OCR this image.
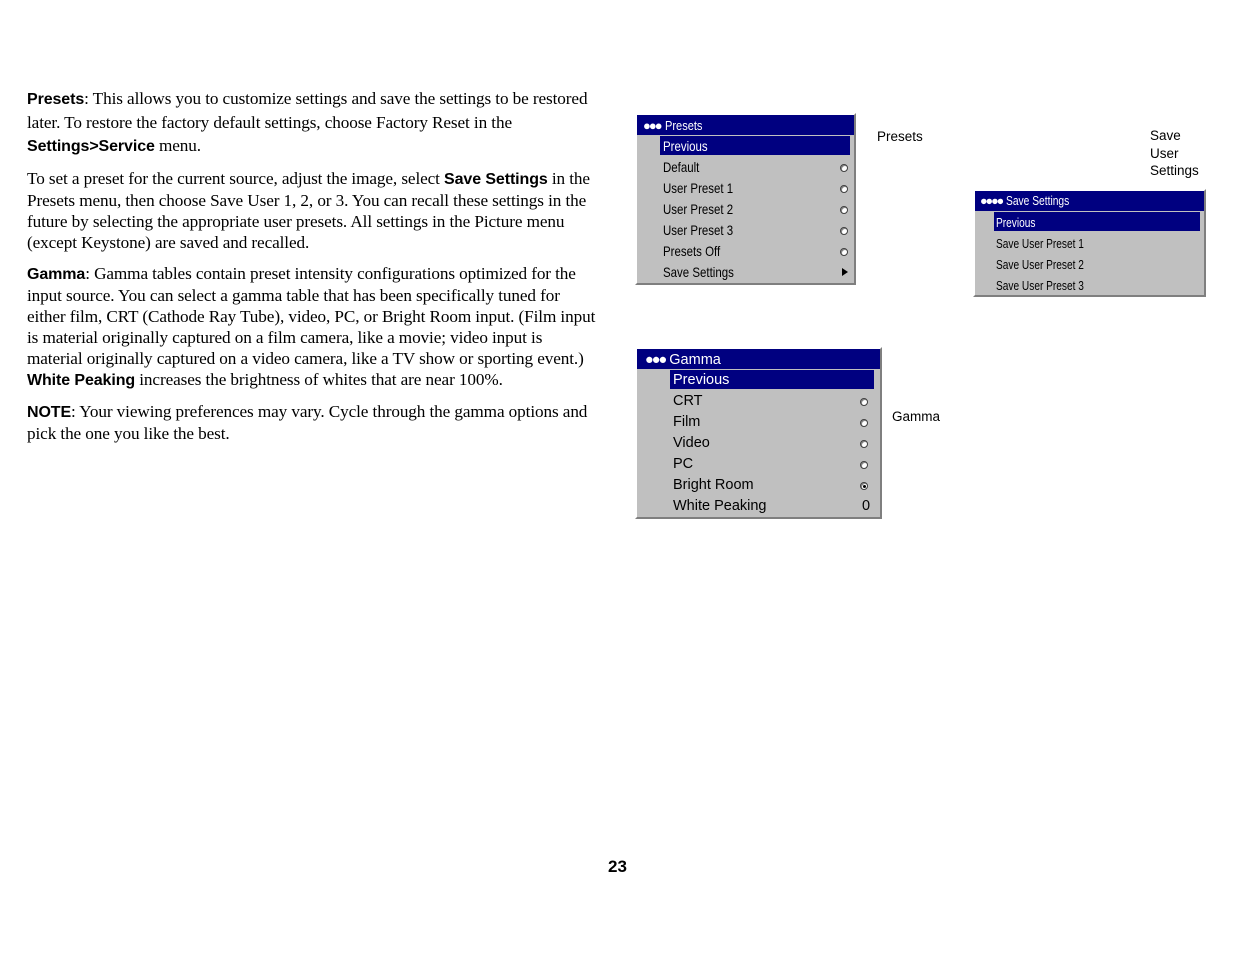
Presets: This allows you to customize settings and save the settings to be restored later. To restore the factory default settings, choose Factory Reset in the Settings>Service menu.

To set a preset for the current source, adjust the image, select Save Settings in the Presets menu, then choose Save User 1, 2, or 3. You can recall these settings in the future by selecting the appropriate user presets. All settings in the Picture menu (except Keystone) are saved and recalled.

Gamma: Gamma tables contain preset intensity configurations optimized for the input source. You can select a gamma table that has been specifically tuned for either film, CRT (Cathode Ray Tube), video, PC, or Bright Room input. (Film input is material originally captured on a film camera, like a movie; video input is material originally captured on a video camera, like a TV show or sporting event.) White Peaking increases the brightness of whites that are near 100%.

NOTE: Your viewing preferences may vary. Cycle through the gamma options and pick the one you like the best.

●●● Presets
Previous
Default
User Preset 1
User Preset 2
User Preset 3
Presets Off
Save Settings
Presets	Save
User
Settings
●●●● Save Settings
Previous
Save User Preset 1
Save User Preset 2
Save User Preset 3
●●● Gamma
Previous
CRT
Film
Video
PC
Bright Room
White Peaking	0
Gamma
23
